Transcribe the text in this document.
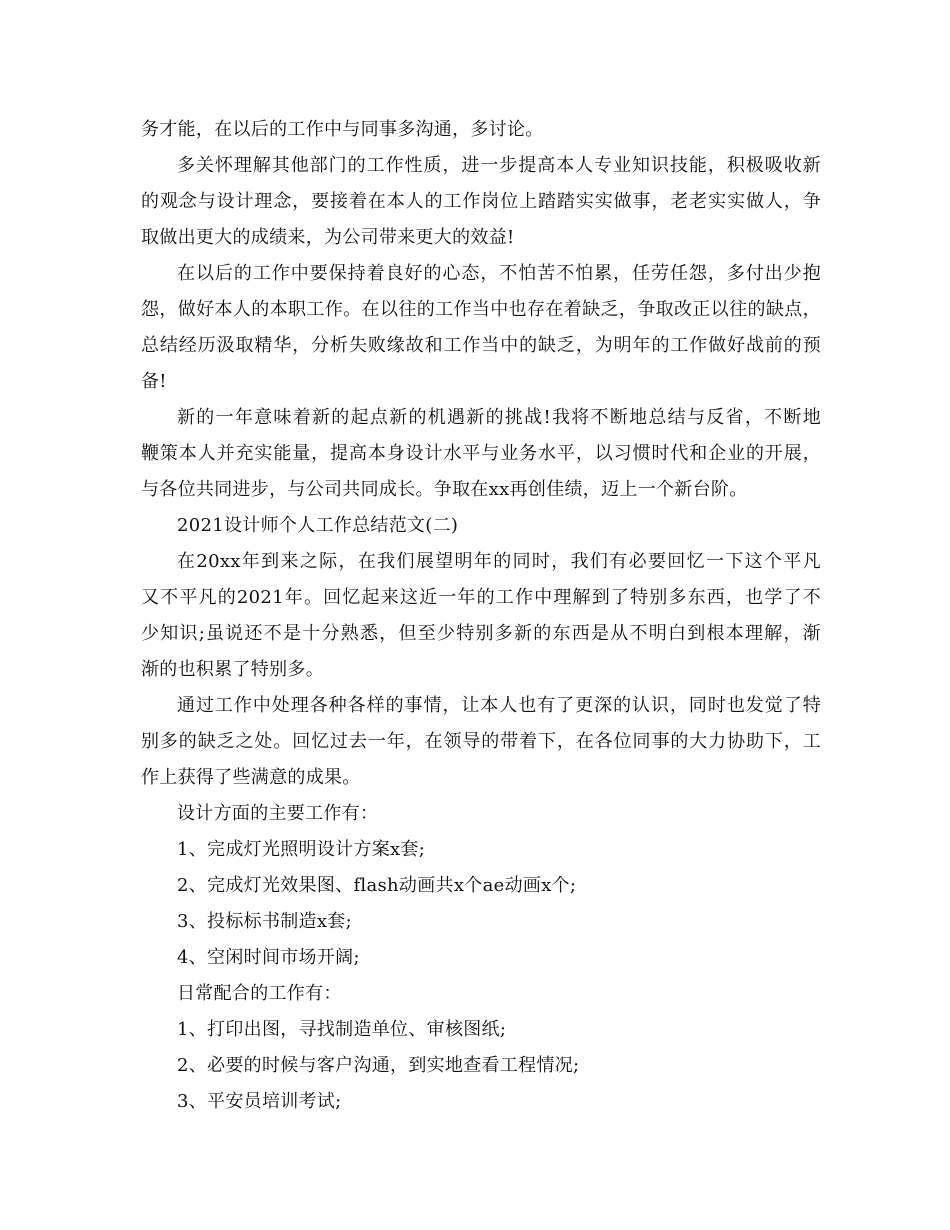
务才能，在以后的工作中与同事多沟通，多讨论。
多关怀理解其他部门的工作性质，进一步提高本人专业知识技能，积极吸收新
的观念与设计理念，要接着在本人的工作岗位上踏踏实实做事，老老实实做人，争
取做出更大的成绩来，为公司带来更大的效益!
在以后的工作中要保持着良好的心态，不怕苦不怕累，任劳任怨，多付出少抱
怨，做好本人的本职工作。在以往的工作当中也存在着缺乏，争取改正以往的缺点，
总结经历汲取精华，分析失败缘故和工作当中的缺乏，为明年的工作做好战前的预
备!
新的一年意味着新的起点新的机遇新的挑战!我将不断地总结与反省，不断地
鞭策本人并充实能量，提高本身设计水平与业务水平，以习惯时代和企业的开展，
与各位共同进步，与公司共同成长。争取在xx再创佳绩，迈上一个新台阶。
2021设计师个人工作总结范文(二)
在20xx年到来之际，在我们展望明年的同时，我们有必要回忆一下这个平凡
又不平凡的2021年。回忆起来这近一年的工作中理解到了特别多东西，也学了不
少知识;虽说还不是十分熟悉，但至少特别多新的东西是从不明白到根本理解，渐
渐的也积累了特别多。
通过工作中处理各种各样的事情，让本人也有了更深的认识，同时也发觉了特
别多的缺乏之处。回忆过去一年，在领导的带着下，在各位同事的大力协助下，工
作上获得了些满意的成果。
设计方面的主要工作有：
1、完成灯光照明设计方案x套;
2、完成灯光效果图、flash动画共x个ae动画x个;
3、投标标书制造x套;
4、空闲时间市场开阔;
日常配合的工作有：
1、打印出图，寻找制造单位、审核图纸;
2、必要的时候与客户沟通，到实地查看工程情况;
3、平安员培训考试;
